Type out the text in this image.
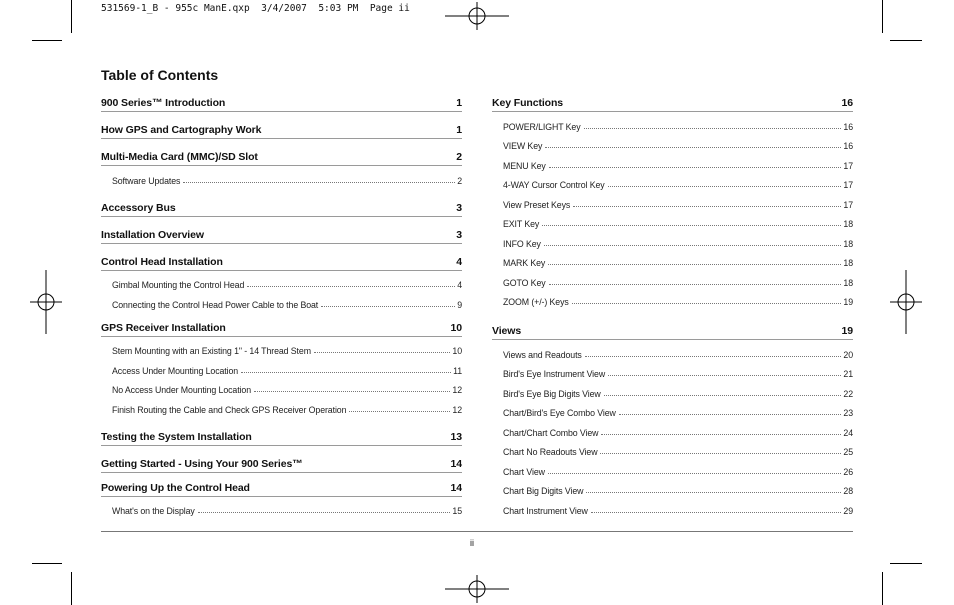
531569-1_B - 955c ManE.qxp  3/4/2007  5:03 PM  Page ii
Table of Contents
900 Series™ Introduction	1
How GPS and Cartography Work	1
Multi-Media Card (MMC)/SD Slot	2
Software Updates	2
Accessory Bus	3
Installation Overview	3
Control Head Installation	4
Gimbal Mounting the Control Head	4
Connecting the Control Head Power Cable to the Boat	9
GPS Receiver Installation	10
Stem Mounting with an Existing 1" - 14 Thread Stem	10
Access Under Mounting Location	11
No Access Under Mounting Location	12
Finish Routing the Cable and Check GPS Receiver Operation	12
Testing the System Installation	13
Getting Started - Using Your 900 Series™	14
Powering Up the Control Head	14
What's on the Display	15
Key Functions	16
POWER/LIGHT Key	16
VIEW Key	16
MENU Key	17
4-WAY Cursor Control Key	17
View Preset Keys	17
EXIT Key	18
INFO Key	18
MARK Key	18
GOTO Key	18
ZOOM (+/-) Keys	19
Views	19
Views and Readouts	20
Bird's Eye Instrument View	21
Bird's Eye Big Digits View	22
Chart/Bird's Eye Combo View	23
Chart/Chart Combo View	24
Chart No Readouts View	25
Chart View	26
Chart Big Digits View	28
Chart Instrument View	29
ii
